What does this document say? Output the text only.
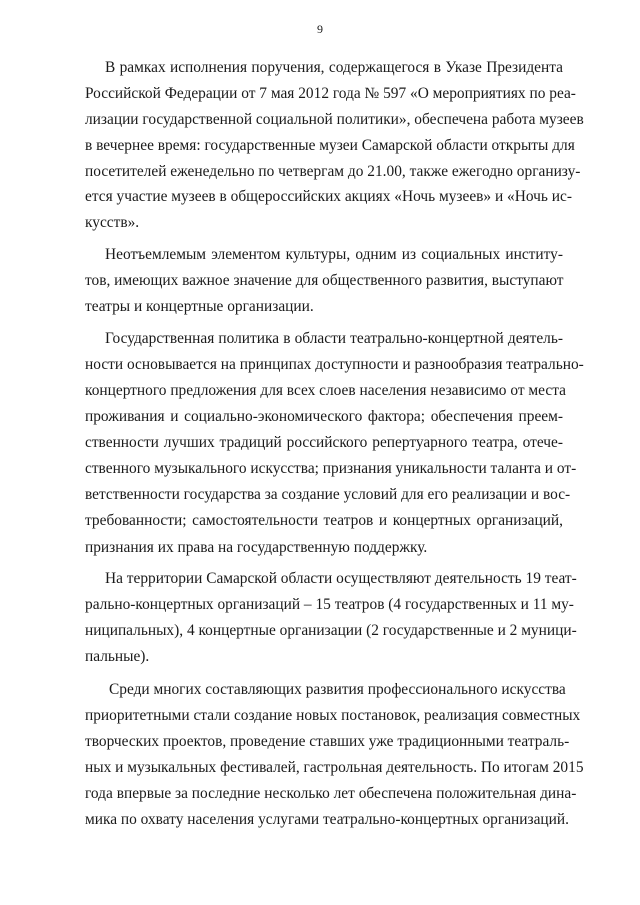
9
В рамках исполнения поручения, содержащегося в Указе Президента
Российской Федерации от 7 мая 2012 года № 597 «О мероприятиях по реа-
лизации государственной социальной политики», обеспечена работа музеев
в вечернее время: государственные музеи Самарской области открыты для
посетителей еженедельно по четвергам до 21.00, также ежегодно организу-
ется участие музеев в общероссийских акциях «Ночь музеев» и «Ночь ис-
кусств».
Неотъемлемым элементом культуры, одним из социальных институ-
тов, имеющих важное значение для общественного развития, выступают
театры и концертные организации.
Государственная политика в области театрально-концертной деятель-
ности основывается на принципах доступности и разнообразия театрально-
концертного предложения для всех слоев населения независимо от места
проживания и социально-экономического фактора; обеспечения преем-
ственности лучших традиций российского репертуарного театра, отече-
ственного музыкального искусства; признания уникальности таланта и от-
ветственности государства за создание условий для его реализации и вос-
требованности; самостоятельности театров и концертных организаций,
признания их права на государственную поддержку.
На территории Самарской области осуществляют деятельность 19 теат-
рально-концертных организаций – 15 театров (4 государственных и 11 му-
ниципальных), 4 концертные организации (2 государственные и 2 муници-
пальные).
Среди многих составляющих развития профессионального искусства
приоритетными стали создание новых постановок, реализация совместных
творческих проектов, проведение ставших уже традиционными театраль-
ных и музыкальных фестивалей, гастрольная деятельность. По итогам 2015
года впервые за последние несколько лет обеспечена положительная дина-
мика по охвату населения услугами театрально-концертных организаций.
